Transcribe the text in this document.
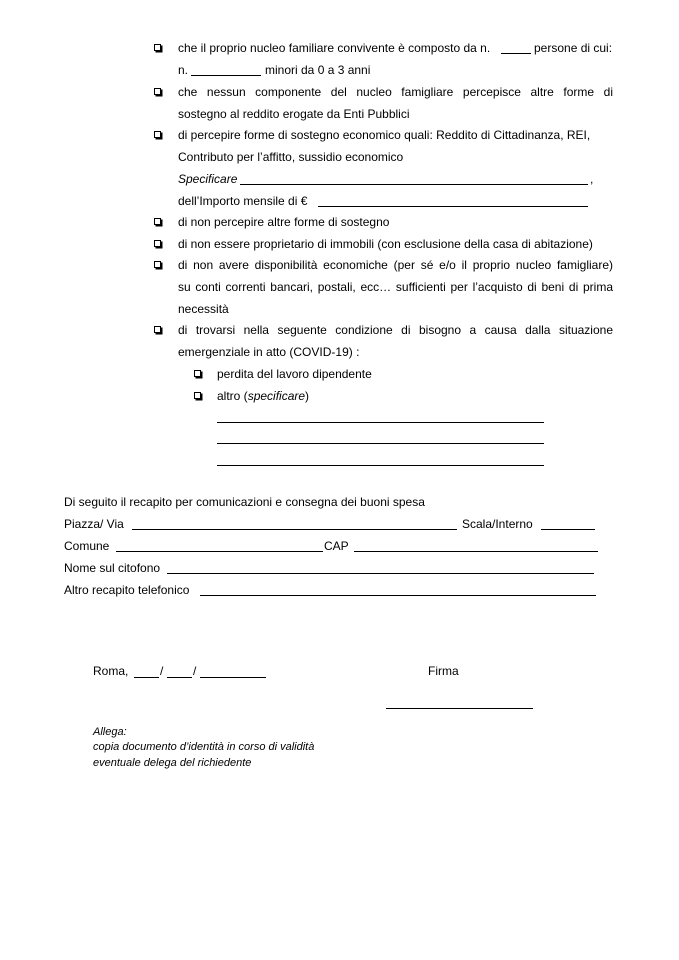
che il proprio nucleo familiare convivente è composto da n.	persone di cui:
n.	minori da 0 a 3 anni
che nessun componente del nucleo famigliare percepisce altre forme di
sostegno al reddito erogate da Enti Pubblici
di percepire forme di sostegno economico quali: Reddito di Cittadinanza, REI,
Contributo per l’affitto, sussidio economico
Specificare	,
dell’Importo mensile di €
di non percepire altre forme di sostegno
di non essere proprietario di immobili (con esclusione della casa di abitazione)
di non avere disponibilità economiche (per sé e/o il proprio nucleo famigliare)
su conti correnti bancari, postali, ecc… sufficienti per l’acquisto di beni di prima
necessità
di trovarsi nella seguente condizione di bisogno a causa dalla situazione
emergenziale in atto (COVID-19) :
perdita del lavoro dipendente
altro (specificare)
Di seguito il recapito per comunicazioni e consegna dei buoni spesa
Piazza/ Via	Scala/Interno
Comune	CAP
Nome sul citofono
Altro recapito telefonico
Roma,	/ /	Firma
Allega:
copia documento d’identità in corso di validità
eventuale delega del richiedente
